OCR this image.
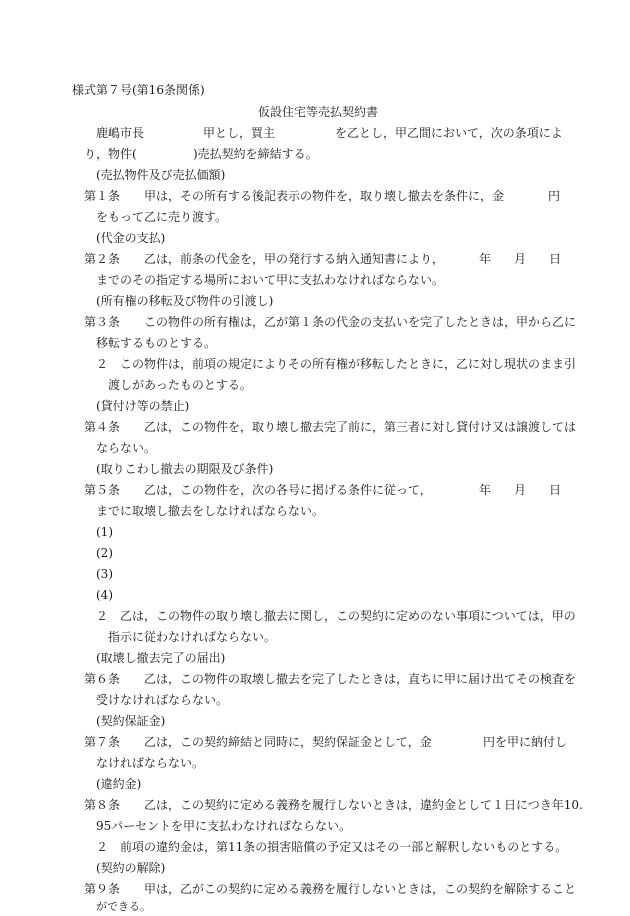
様式第７号(第16条関係)
仮設住宅等売払契約書
鹿嶋市長	甲とし，買主	を乙とし，甲乙間において，次の条項によ
り，物件(	)売払契約を締結する。
(売払物件及び売払価額)
第１条 甲は，その所有する後記表示の物件を，取り壊し撤去を条件に，金	円
をもって乙に売り渡す。
(代金の支払)
第２条 乙は，前条の代金を，甲の発行する納入通知書により，	年 月 日
までのその指定する場所において甲に支払わなければならない。
(所有権の移転及び物件の引渡し)
第３条 この物件の所有権は，乙が第１条の代金の支払いを完了したときは，甲から乙に
移転するものとする。
２　この物件は，前項の規定によりその所有権が移転したときに，乙に対し現状のまま引
渡しがあったものとする。
(貸付け等の禁止)
第４条 乙は，この物件を，取り壊し撤去完了前に，第三者に対し貸付け又は譲渡しては
ならない。
(取りこわし撤去の期限及び条件)
第５条 乙は，この物件を，次の各号に掲げる条件に従って，	年 月 日
までに取壊し撤去をしなければならない。
(1)
(2)
(3)
(4)
２　乙は，この物件の取り壊し撤去に関し，この契約に定めのない事項については，甲の
指示に従わなければならない。
(取壊し撤去完了の届出)
第６条 乙は，この物件の取壊し撤去を完了したときは，直ちに甲に届け出てその検査を
受けなければならない。
(契約保証金)
第７条 乙は，この契約締結と同時に，契約保証金として，金	円を甲に納付し
なければならない。
(違約金)
第８条 乙は，この契約に定める義務を履行しないときは，違約金として１日につき年10.
95パーセントを甲に支払わなければならない。
２　前項の違約金は，第11条の損害賠償の予定又はその一部と解釈しないものとする。
(契約の解除)
第９条 甲は，乙がこの契約に定める義務を履行しないときは，この契約を解除すること
ができる。
